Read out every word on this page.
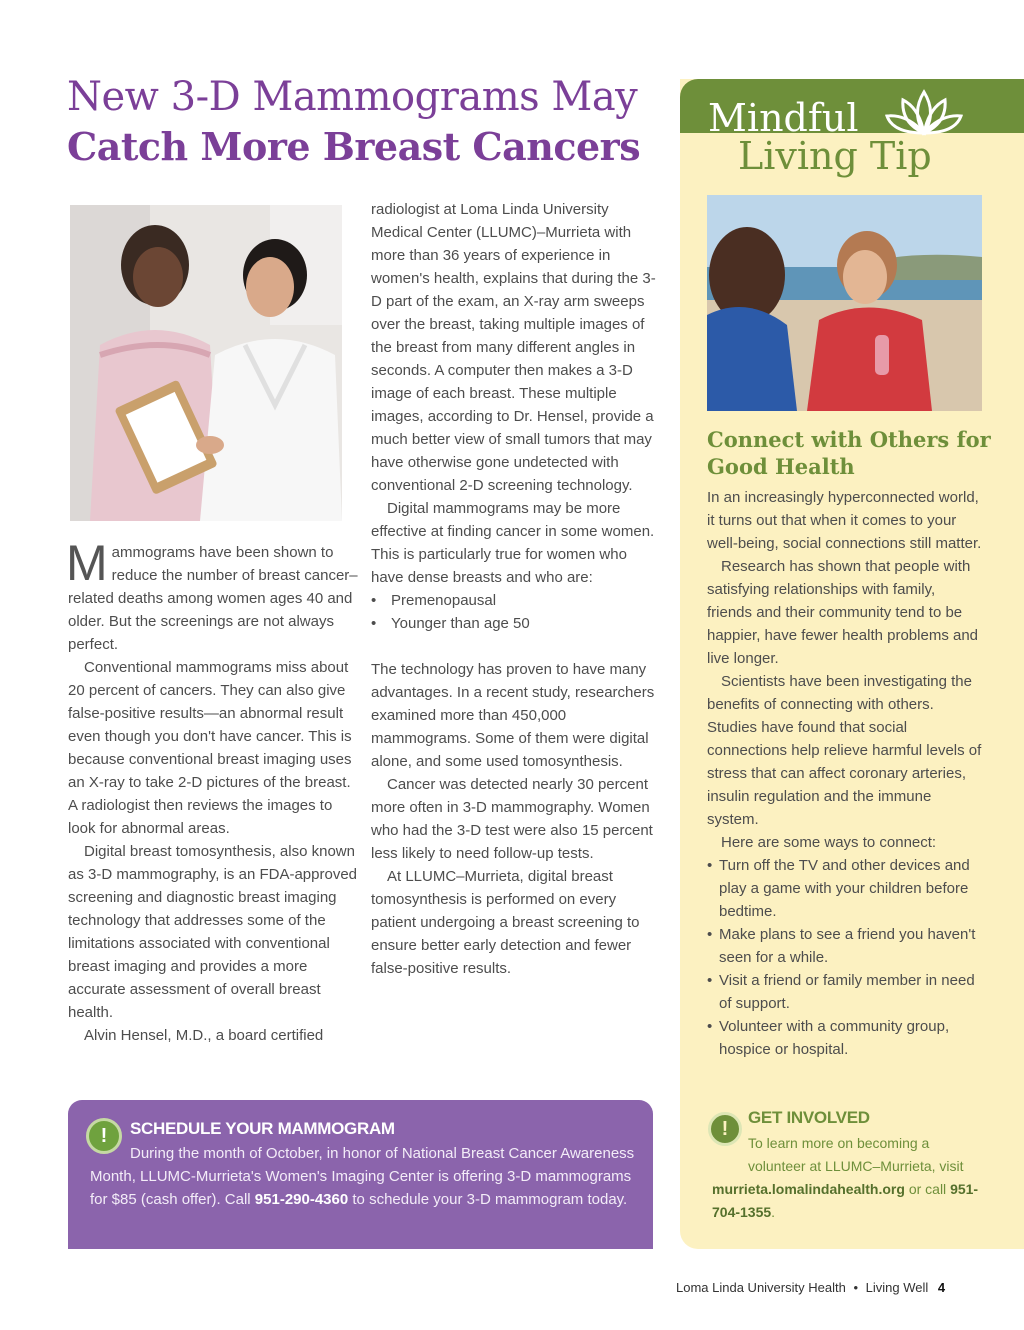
New 3-D Mammograms May
Catch More Breast Cancers

Mammograms have been shown to reduce the number of breast cancer–related deaths among women ages 40 and older. But the screenings are not always perfect.

Conventional mammograms miss about 20 percent of cancers. They can also give false-positive results—an abnormal result even though you don't have cancer. This is because conventional breast imaging uses an X-ray to take 2-D pictures of the breast. A radiologist then reviews the images to look for abnormal areas.

Digital breast tomosynthesis, also known as 3-D mammography, is an FDA-approved screening and diagnostic breast imaging technology that addresses some of the limitations associated with conventional breast imaging and provides a more accurate assessment of overall breast health.

Alvin Hensel, M.D., a board certified

radiologist at Loma Linda University Medical Center (LLUMC)–Murrieta with more than 36 years of experience in women's health, explains that during the 3-D part of the exam, an X-ray arm sweeps over the breast, taking multiple images of the breast from many different angles in seconds. A computer then makes a 3-D image of each breast. These multiple images, according to Dr. Hensel, provide a much better view of small tumors that may have otherwise gone undetected with conventional 2-D screening technology.

Digital mammograms may be more effective at finding cancer in some women. This is particularly true for women who have dense breasts and who are:

• Premenopausal
• Younger than age 50

The technology has proven to have many advantages. In a recent study, researchers examined more than 450,000 mammograms. Some of them were digital alone, and some used tomosynthesis.

Cancer was detected nearly 30 percent more often in 3-D mammography. Women who had the 3-D test were also 15 percent less likely to need follow-up tests.

At LLUMC–Murrieta, digital breast tomosynthesis is performed on every patient undergoing a breast screening to ensure better early detection and fewer false-positive results.

Mindful
Living Tip
Connect with Others for Good Health

In an increasingly hyperconnected world, it turns out that when it comes to your well-being, social connections still matter.

Research has shown that people with satisfying relationships with family, friends and their community tend to be happier, have fewer health problems and live longer.

Scientists have been investigating the benefits of connecting with others. Studies have found that social connections help relieve harmful levels of stress that can affect coronary arteries, insulin regulation and the immune system.

Here are some ways to connect:

• Turn off the TV and other devices and play a game with your children before bedtime.
• Make plans to see a friend you haven't seen for a while.
• Visit a friend or family member in need of support.
• Volunteer with a community group, hospice or hospital.
!
GET INVOLVED
To learn more on becoming a volunteer at LLUMC–Murrieta, visit
murrieta.lomalindahealth.org or call 951-704-1355.
!	SCHEDULE YOUR MAMMOGRAM
During the month of October, in honor of National Breast Cancer Awareness Month, LLUMC-Murrieta's Women's Imaging Center is offering 3-D mammograms for $85 (cash offer). Call 951-290-4360 to schedule your 3-D mammogram today.
Loma Linda University Health • Living Well 4
